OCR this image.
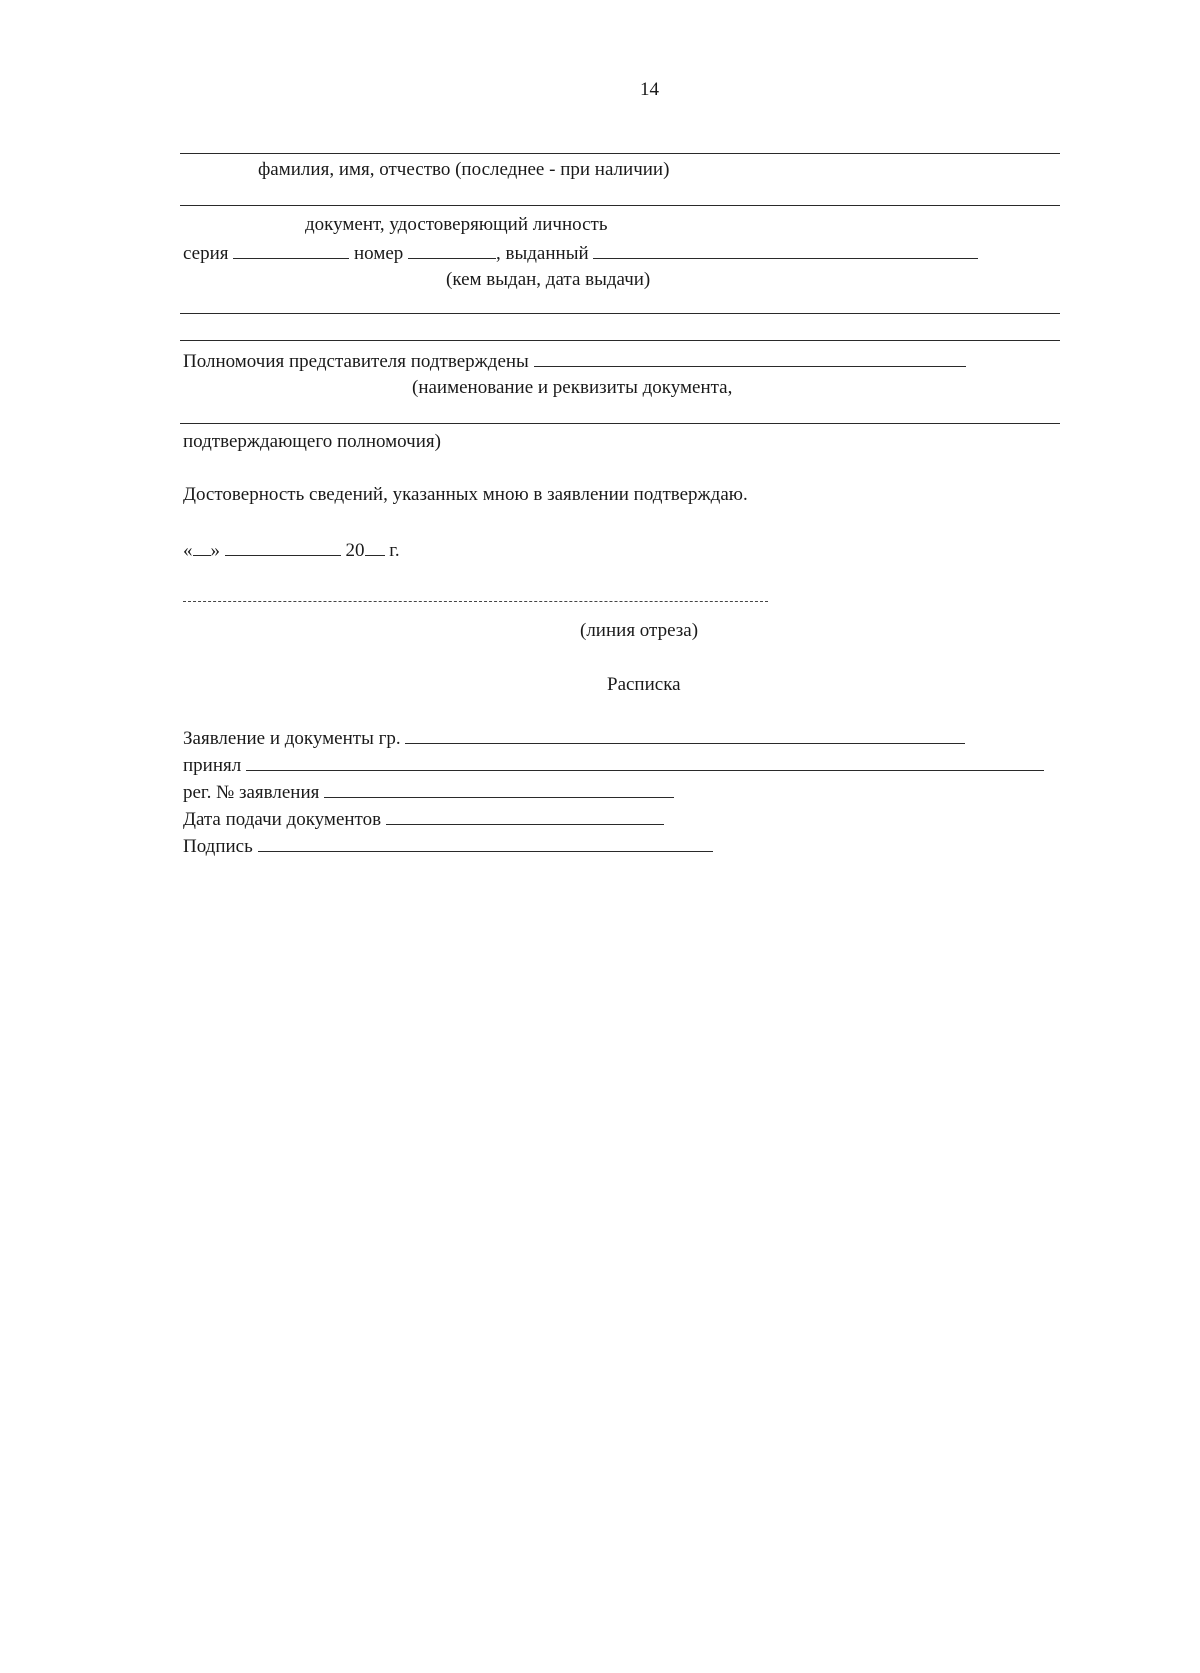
14
фамилия, имя, отчество (последнее - при наличии)
документ, удостоверяющий личность
серия	номер	, выданный
(кем выдан, дата выдачи)
Полномочия представителя подтверждены
(наименование и реквизиты документа,
подтверждающего полномочия)
Достоверность сведений, указанных мною в заявлении подтверждаю.
« »	20 г.
(линия отреза)
Расписка
Заявление и документы гр.
принял
рег. № заявления
Дата подачи документов
Подпись
